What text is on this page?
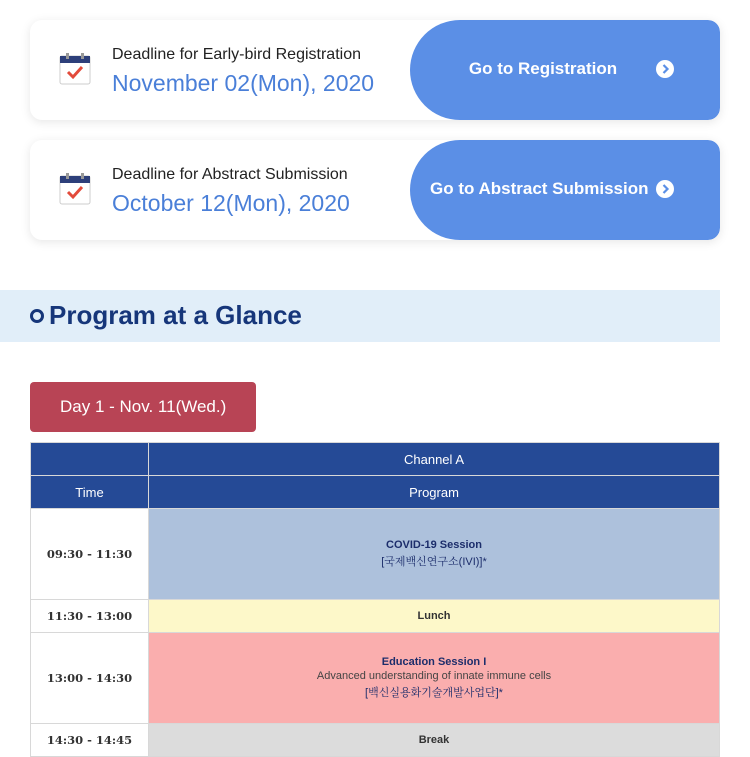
Deadline for Early-bird Registration
November 02(Mon), 2020
Go to Registration
Deadline for Abstract Submission
October 12(Mon), 2020
Go to Abstract Submission
Program at a Glance
Day 1 - Nov. 11(Wed.)
	Channel A
Time	Program
09:30 - 11:30	COVID-19 Session
[국제백신연구소(IVI)]*

11:30 - 13:00	Lunch
13:00 - 14:30	Education Session I
Advanced understanding of innate immune cells
[백신실용화기술개발사업단]*

14:30 - 14:45	Break
